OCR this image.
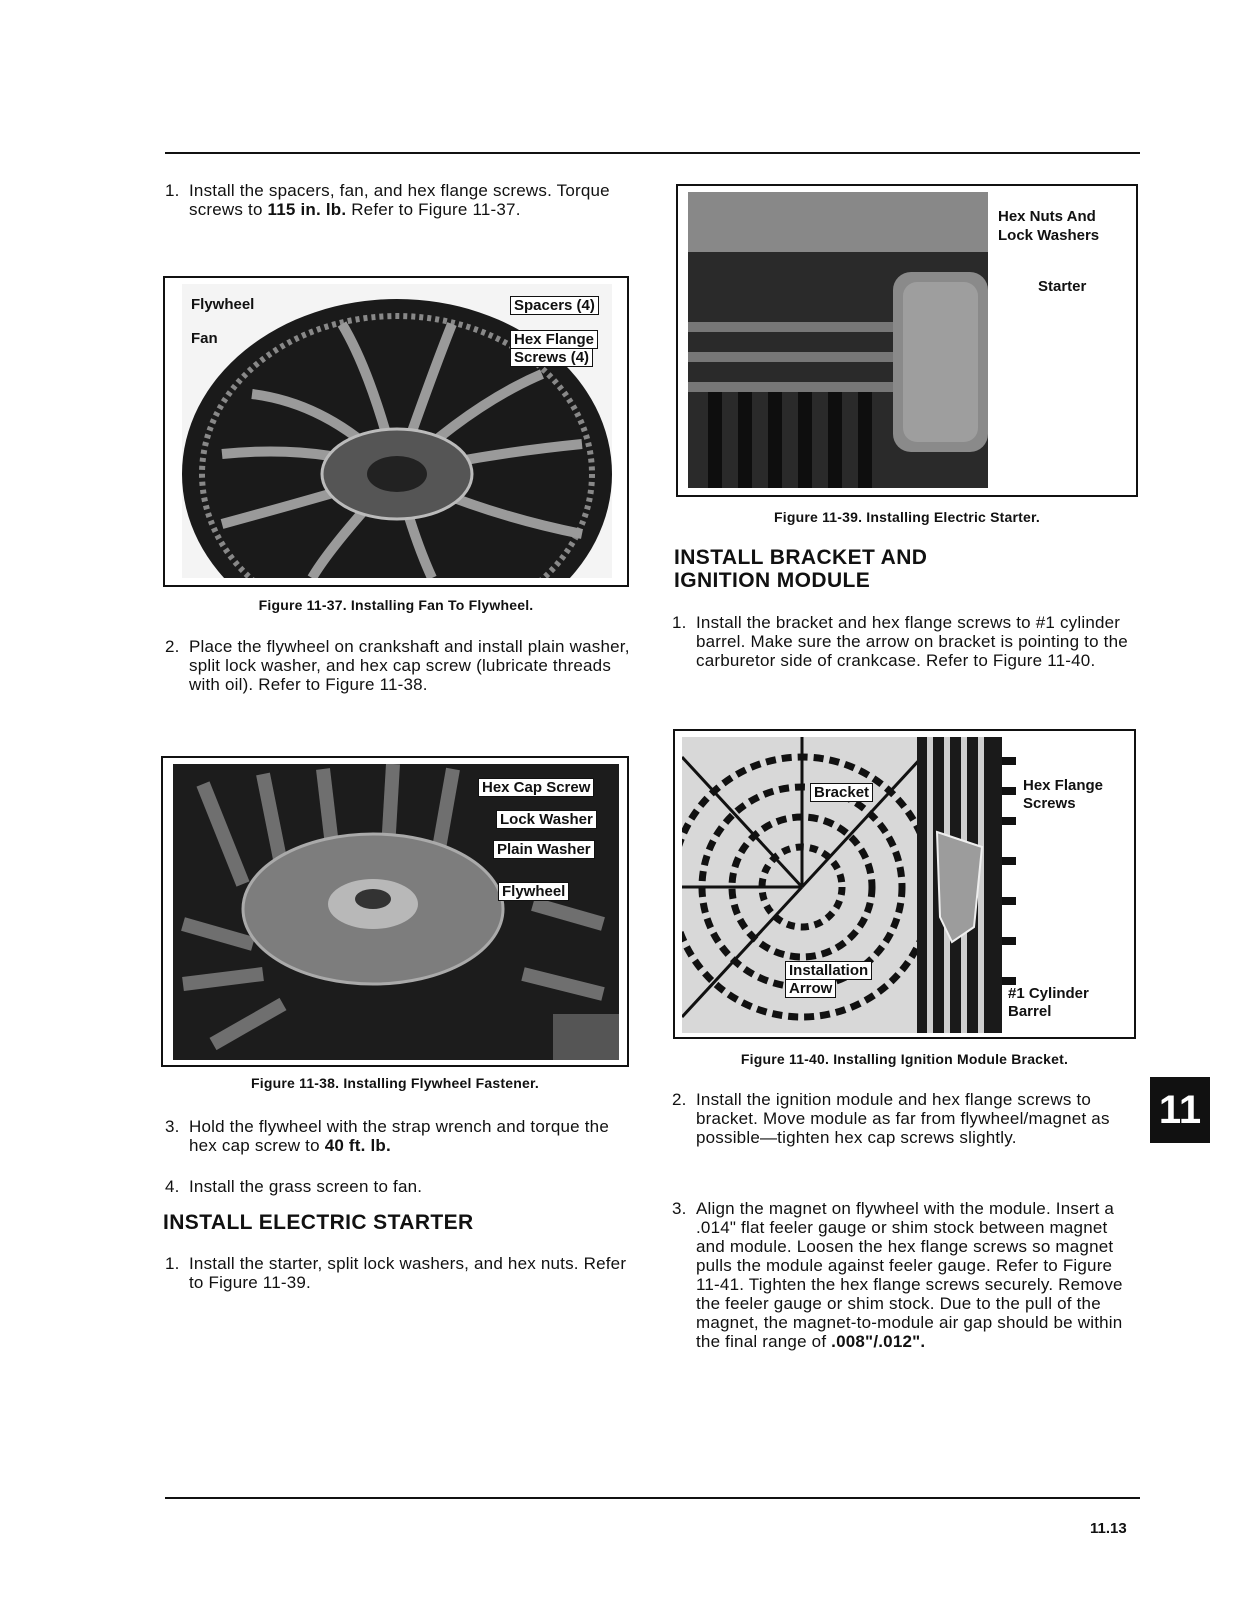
1. Install the spacers, fan, and hex flange screws. Torque screws to 115 in. lb. Refer to Figure 11-37.
Flywheel
Fan
Spacers (4)
Hex Flange
Screws (4)
Figure 11-37. Installing Fan To Flywheel.
2. Place the flywheel on crankshaft and install plain washer, split lock washer, and hex cap screw (lubricate threads with oil). Refer to Figure 11-38.
Hex Cap Screw
Lock Washer
Plain Washer
Flywheel
Figure 11-38. Installing Flywheel Fastener.
3. Hold the flywheel with the strap wrench and torque the hex cap screw to 40 ft. lb.
4. Install the grass screen to fan.
INSTALL ELECTRIC STARTER
1. Install the starter, split lock washers, and hex nuts. Refer to Figure 11-39.
Hex Nuts And
Lock Washers
Starter
Figure 11-39. Installing Electric Starter.
INSTALL BRACKET AND
IGNITION MODULE
1. Install the bracket and hex flange screws to #1 cylinder barrel. Make sure the arrow on bracket is pointing to the carburetor side of crankcase. Refer to Figure 11-40.
Bracket	Hex Flange
Screws
Installation
Arrow	#1 Cylinder
Barrel
Figure 11-40. Installing Ignition Module Bracket.
2. Install the ignition module and hex flange screws to bracket. Move module as far from flywheel/magnet as possible—tighten hex cap screws slightly.
3. Align the magnet on flywheel with the module. Insert a .014" flat feeler gauge or shim stock between magnet and module. Loosen the hex flange screws so magnet pulls the module against feeler gauge. Refer to Figure 11-41. Tighten the hex flange screws securely. Remove the feeler gauge or shim stock. Due to the pull of the magnet, the magnet-to-module air gap should be within the final range of .008"/.012".
11
11.13
